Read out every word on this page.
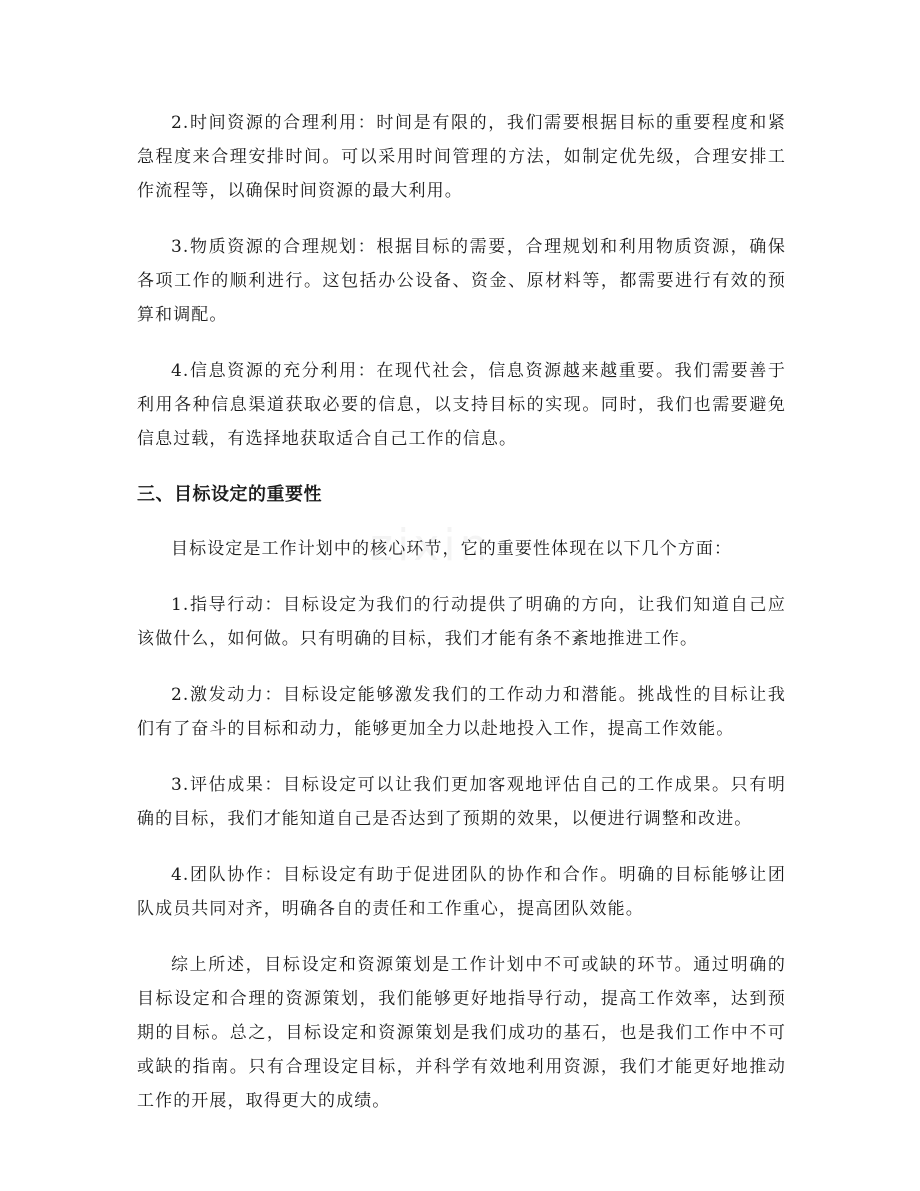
2.时间资源的合理利用：时间是有限的，我们需要根据目标的重要程度和紧急程度来合理安排时间。可以采用时间管理的方法，如制定优先级，合理安排工作流程等，以确保时间资源的最大利用。

3.物质资源的合理规划：根据目标的需要，合理规划和利用物质资源，确保各项工作的顺利进行。这包括办公设备、资金、原材料等，都需要进行有效的预算和调配。

4.信息资源的充分利用：在现代社会，信息资源越来越重要。我们需要善于利用各种信息渠道获取必要的信息，以支持目标的实现。同时，我们也需要避免信息过载，有选择地获取适合自己工作的信息。

三、目标设定的重要性

目标设定是工作计划中的核心环节，它的重要性体现在以下几个方面：

1.指导行动：目标设定为我们的行动提供了明确的方向，让我们知道自己应该做什么，如何做。只有明确的目标，我们才能有条不紊地推进工作。

2.激发动力：目标设定能够激发我们的工作动力和潜能。挑战性的目标让我们有了奋斗的目标和动力，能够更加全力以赴地投入工作，提高工作效能。

3.评估成果：目标设定可以让我们更加客观地评估自己的工作成果。只有明确的目标，我们才能知道自己是否达到了预期的效果，以便进行调整和改进。

4.团队协作：目标设定有助于促进团队的协作和合作。明确的目标能够让团队成员共同对齐，明确各自的责任和工作重心，提高团队效能。

综上所述，目标设定和资源策划是工作计划中不可或缺的环节。通过明确的目标设定和合理的资源策划，我们能够更好地指导行动，提高工作效率，达到预期的目标。总之，目标设定和资源策划是我们成功的基石，也是我们工作中不可或缺的指南。只有合理设定目标，并科学有效地利用资源，我们才能更好地推动工作的开展，取得更大的成绩。
